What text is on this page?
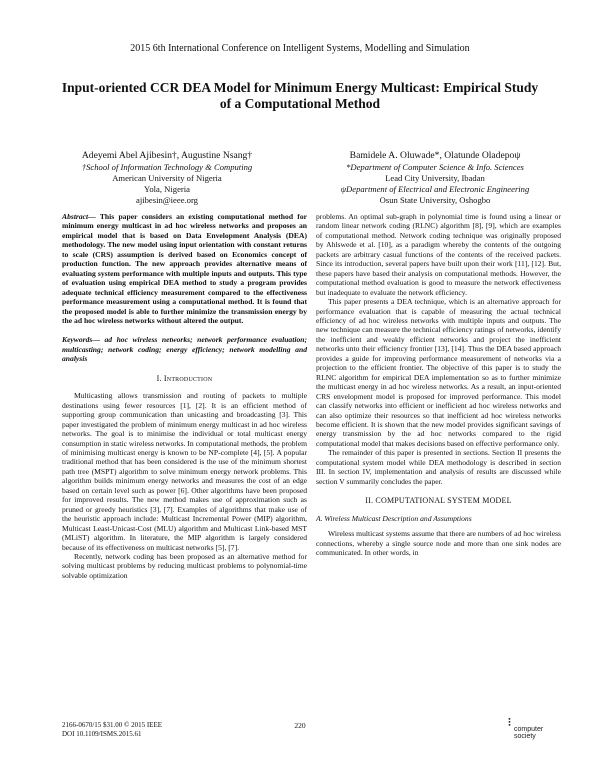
2015 6th International Conference on Intelligent Systems, Modelling and Simulation
Input-oriented CCR DEA Model for Minimum Energy Multicast: Empirical Study of a Computational Method
Adeyemi Abel Ajibesin†, Augustine Nsang†
†School of Information Technology & Computing
American University of Nigeria
Yola, Nigeria
ajibesin@ieee.org
Bamidele A. Oluwade*, Olatunde Oladepoψ
*Department of Computer Science & Info. Sciences
Lead City University, Ibadan
ψDepartment of Electrical and Electronic Engineering
Osun State University, Oshogbo

Abstract— This paper considers an existing computational method for minimum energy multicast in ad hoc wireless networks and proposes an empirical model that is based on Data Envelopment Analysis (DEA) methodology. The new model using input orientation with constant returns to scale (CRS) assumption is derived based on Economics concept of production function. The new approach provides alternative means of evaluating system performance with multiple inputs and outputs. This type of evaluation using empirical DEA method to study a program provides adequate technical efficiency measurement compared to the effectiveness performance measurement using a computational method. It is found that the proposed model is able to further minimize the transmission energy by the ad hoc wireless networks without altered the output.

Keywords— ad hoc wireless networks; network performance evaluation; multicasting; network coding; energy efficiency; network modelling and analysis

I. Introduction

Multicasting allows transmission and routing of packets to multiple destinations using fewer resources [1], [2]. It is an efficient method of supporting group communication than unicasting and broadcasting [3]. This paper investigated the problem of minimum energy multicast in ad hoc wireless networks. The goal is to minimise the individual or total multicast energy consumption in static wireless networks. In computational methods, the problem of minimising multicast energy is known to be NP-complete [4], [5]. A popular traditional method that has been considered is the use of the minimum shortest path tree (MSPT) algorithm to solve minimum energy network problems. This algorithm builds minimum energy networks and measures the cost of an edge based on certain level such as power [6]. Other algorithms have been proposed for improved results. The new method makes use of approximation such as pruned or greedy heuristics [3], [7]. Examples of algorithms that make use of the heuristic approach include: Multicast Incremental Power (MIP) algorithm, Multicast Least-Unicast-Cost (MLU) algorithm and Multicast Link-based MST (MLiST) algorithm. In literature, the MIP algorithm is largely considered because of its effectiveness on multicast networks [5], [7].

Recently, network coding has been proposed as an alternative method for solving multicast problems by reducing multicast problems to polynomial-time solvable optimization

problems. An optimal sub-graph in polynomial time is found using a linear or random linear network coding (RLNC) algorithm [8], [9], which are examples of computational method. Network coding technique was originally proposed by Ahlswede et al. [10], as a paradigm whereby the contents of the outgoing packets are arbitrary casual functions of the contents of the received packets. Since its introduction, several papers have built upon their work [11], [12]. But, these papers have based their analysis on computational methods. However, the computational method evaluation is good to measure the network effectiveness but inadequate to evaluate the network efficiency.

This paper presents a DEA technique, which is an alternative approach for performance evaluation that is capable of measuring the actual technical efficiency of ad hoc wireless networks with multiple inputs and outputs. The new technique can measure the technical efficiency ratings of networks, identify the inefficient and weakly efficient networks and project the inefficient networks unto their efficiency frontier [13], [14]. Thus the DEA based approach provides a guide for improving performance measurement of networks via a projection to the efficient frontier. The objective of this paper is to study the RLNC algorithm for empirical DEA implementation so as to further minimize the multicast energy in ad hoc wireless networks. As a result, an input-oriented CRS envelopment model is proposed for improved performance. This model can classify networks into efficient or inefficient ad hoc wireless networks and can also optimize their resources so that inefficient ad hoc wireless networks become efficient. It is shown that the new model provides significant savings of energy transmission by the ad hoc networks compared to the rigid computational model that makes decisions based on effective performance only.

The remainder of this paper is presented in sections. Section II presents the computational system model while DEA methodology is described in section III. In section IV, implementation and analysis of results are discussed while section V summarily concludes the paper.

II. COMPUTATIONAL SYSTEM MODEL

A. Wireless Multicast Description and Assumptions

Wireless multicast systems assume that there are numbers of ad hoc wireless connections, whereby a single source node and more than one sink nodes are communicated. In other words, in

2166-0670/15 $31.00 © 2015 IEEE
DOI 10.1109/ISMS.2015.61
220	⫶
computer society
